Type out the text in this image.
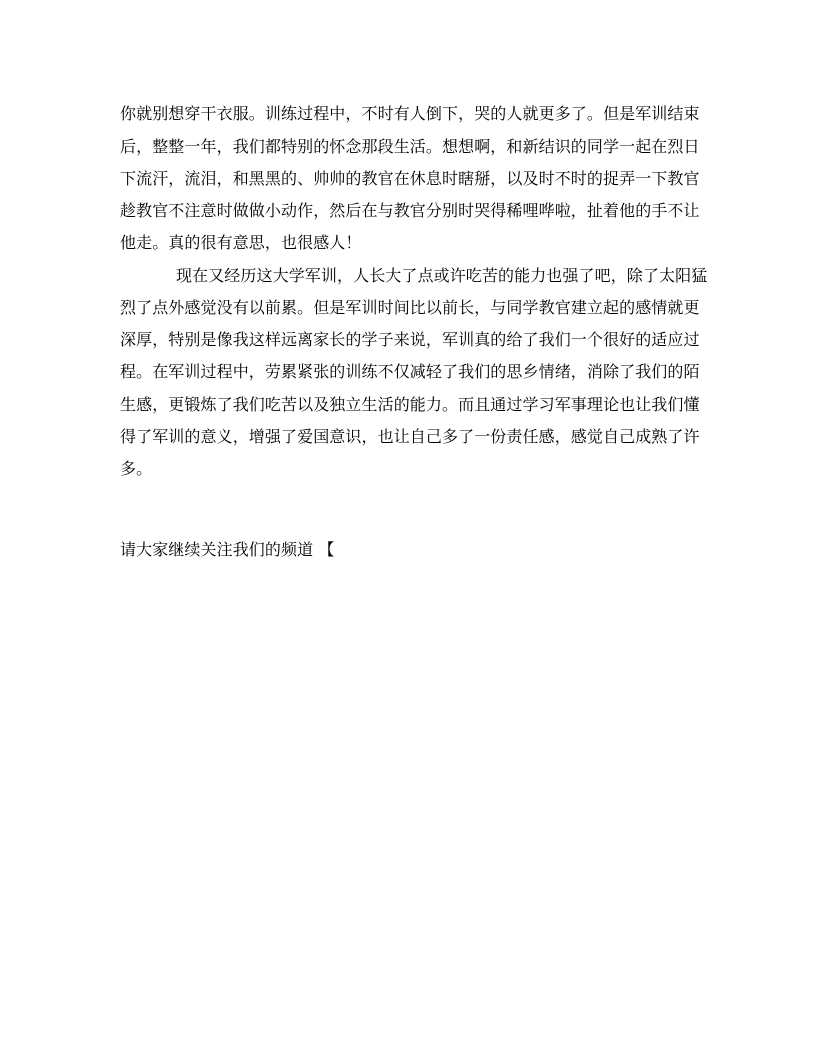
你就别想穿干衣服。训练过程中，不时有人倒下，哭的人就更多了。但是军训结束
后，整整一年，我们都特别的怀念那段生活。想想啊，和新结识的同学一起在烈日
下流汗，流泪，和黑黑的、帅帅的教官在休息时瞎掰，以及时不时的捉弄一下教官
趁教官不注意时做做小动作，然后在与教官分别时哭得稀哩哗啦，扯着他的手不让
他走。真的很有意思，也很感人！
现在又经历这大学军训，人长大了点或许吃苦的能力也强了吧，除了太阳猛
烈了点外感觉没有以前累。但是军训时间比以前长，与同学教官建立起的感情就更
深厚，特别是像我这样远离家长的学子来说，军训真的给了我们一个很好的适应过
程。在军训过程中，劳累紧张的训练不仅减轻了我们的思乡情绪，消除了我们的陌
生感，更锻炼了我们吃苦以及独立生活的能力。而且通过学习军事理论也让我们懂
得了军训的意义，增强了爱国意识，也让自己多了一份责任感，感觉自己成熟了许
多。
请大家继续关注我们的频道 【
